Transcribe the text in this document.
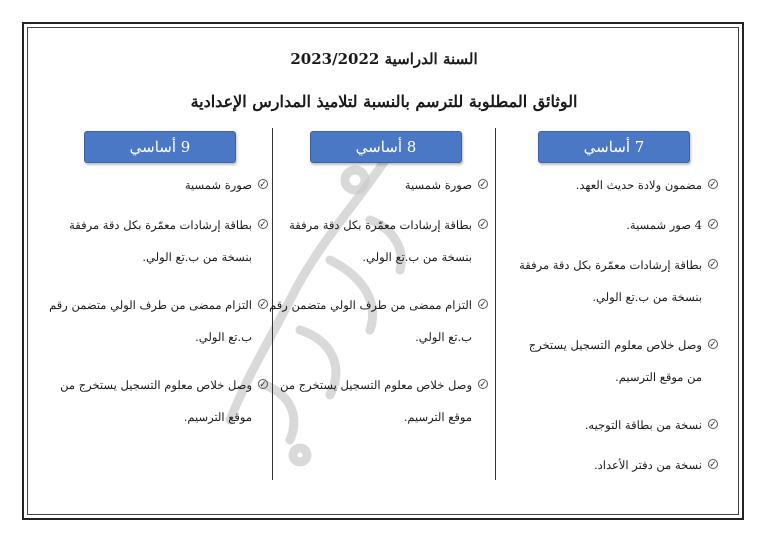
السنة الدراسية 2023/2022
الوثائق المطلوبة للترسم بالنسبة لتلاميذ المدارس الإعدادية
7 أساسي
8 أساسي
9 أساسي
✓
مضمون ولادة حديث العهد.
✓
4 صور شمسية.
✓
بطاقة إرشادات معمّرة بكل دقة مرفقة
بنسخة من ب.تع الولي.
✓
وصل خلاص معلوم التسجيل يستخرج
من موقع الترسيم.
✓
نسخة من بطاقة التوجيه.
✓
نسخة من دفتر الأعداد.
✓
صورة شمسية
✓
بطاقة إرشادات معمّرة بكل دقة مرفقة
بنسخة من ب.تع الولي.
✓
التزام ممضى من طرف الولي متضمن رقم
ب.تع الولي.
✓
وصل خلاص معلوم التسجيل يستخرج من
موقع الترسيم.
✓
صورة شمسية
✓
بطاقة إرشادات معمّرة بكل دقة مرفقة
بنسخة من ب.تع الولي.
✓
التزام ممضى من طرف الولي متضمن رقم
ب.تع الولي.
✓
وصل خلاص معلوم التسجيل يستخرج من
موقع الترسيم.
